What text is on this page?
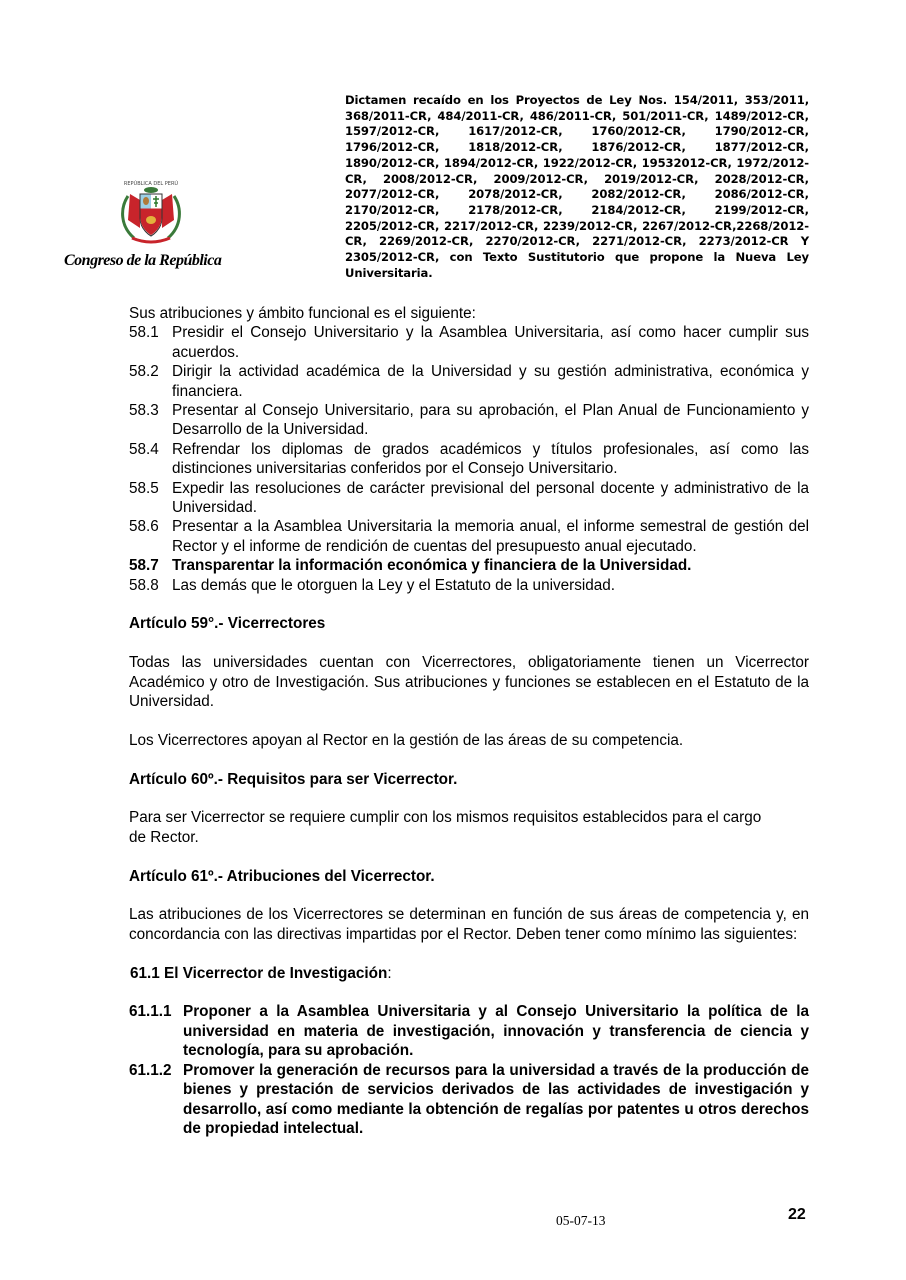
Dictamen recaído en los Proyectos de Ley Nos. 154/2011, 353/2011, 368/2011-CR, 484/2011-CR, 486/2011-CR, 501/2011-CR, 1489/2012-CR, 1597/2012-CR, 1617/2012-CR, 1760/2012-CR, 1790/2012-CR, 1796/2012-CR, 1818/2012-CR, 1876/2012-CR, 1877/2012-CR, 1890/2012-CR, 1894/2012-CR, 1922/2012-CR, 19532012-CR, 1972/2012-CR, 2008/2012-CR, 2009/2012-CR, 2019/2012-CR, 2028/2012-CR, 2077/2012-CR, 2078/2012-CR, 2082/2012-CR, 2086/2012-CR, 2170/2012-CR, 2178/2012-CR, 2184/2012-CR, 2199/2012-CR, 2205/2012-CR, 2217/2012-CR, 2239/2012-CR, 2267/2012-CR,2268/2012-CR, 2269/2012-CR, 2270/2012-CR, 2271/2012-CR, 2273/2012-CR Y 2305/2012-CR, con Texto Sustitutorio que propone la Nueva Ley Universitaria.
REPÚBLICA DEL PERÚ
Congreso de la República

Sus atribuciones y ámbito funcional es el siguiente:

58.1 Presidir el Consejo Universitario y la Asamblea Universitaria, así como hacer cumplir sus acuerdos.
58.2 Dirigir la actividad académica de la Universidad y su gestión administrativa, económica y financiera.
58.3 Presentar al Consejo Universitario, para su aprobación, el Plan Anual de Funcionamiento y Desarrollo de la Universidad.
58.4 Refrendar los diplomas de grados académicos y títulos profesionales, así como las distinciones universitarias conferidos por el Consejo Universitario.
58.5 Expedir las resoluciones de carácter previsional del personal docente y administrativo de la Universidad.
58.6 Presentar a la Asamblea Universitaria la memoria anual, el informe semestral de gestión del Rector y el informe de rendición de cuentas del presupuesto anual ejecutado.
58.7 Transparentar la información económica y financiera de la Universidad.
58.8 Las demás que le otorguen la Ley y el Estatuto de la universidad.

Artículo 59°.- Vicerrectores

Todas las universidades cuentan con Vicerrectores, obligatoriamente tienen un Vicerrector Académico y otro de Investigación. Sus atribuciones y funciones se establecen en el Estatuto de la Universidad.

Los Vicerrectores apoyan al Rector en la gestión de las áreas de su competencia.

Artículo 60º.- Requisitos para ser Vicerrector.

Para ser Vicerrector se requiere cumplir con los mismos requisitos establecidos para el cargo de Rector.

Artículo 61º.- Atribuciones del Vicerrector.

Las atribuciones de los Vicerrectores se determinan en función de sus áreas de competencia y, en concordancia con las directivas impartidas por el Rector. Deben tener como mínimo las siguientes:

61.1 El Vicerrector de Investigación:

61.1.1 Proponer a la Asamblea Universitaria y al Consejo Universitario la política de la universidad en materia de investigación, innovación y transferencia de ciencia y tecnología, para su aprobación.
61.1.2 Promover la generación de recursos para la universidad a través de la producción de bienes y prestación de servicios derivados de las actividades de investigación y desarrollo, así como mediante la obtención de regalías por patentes u otros derechos de propiedad intelectual.
05-07-13	22
